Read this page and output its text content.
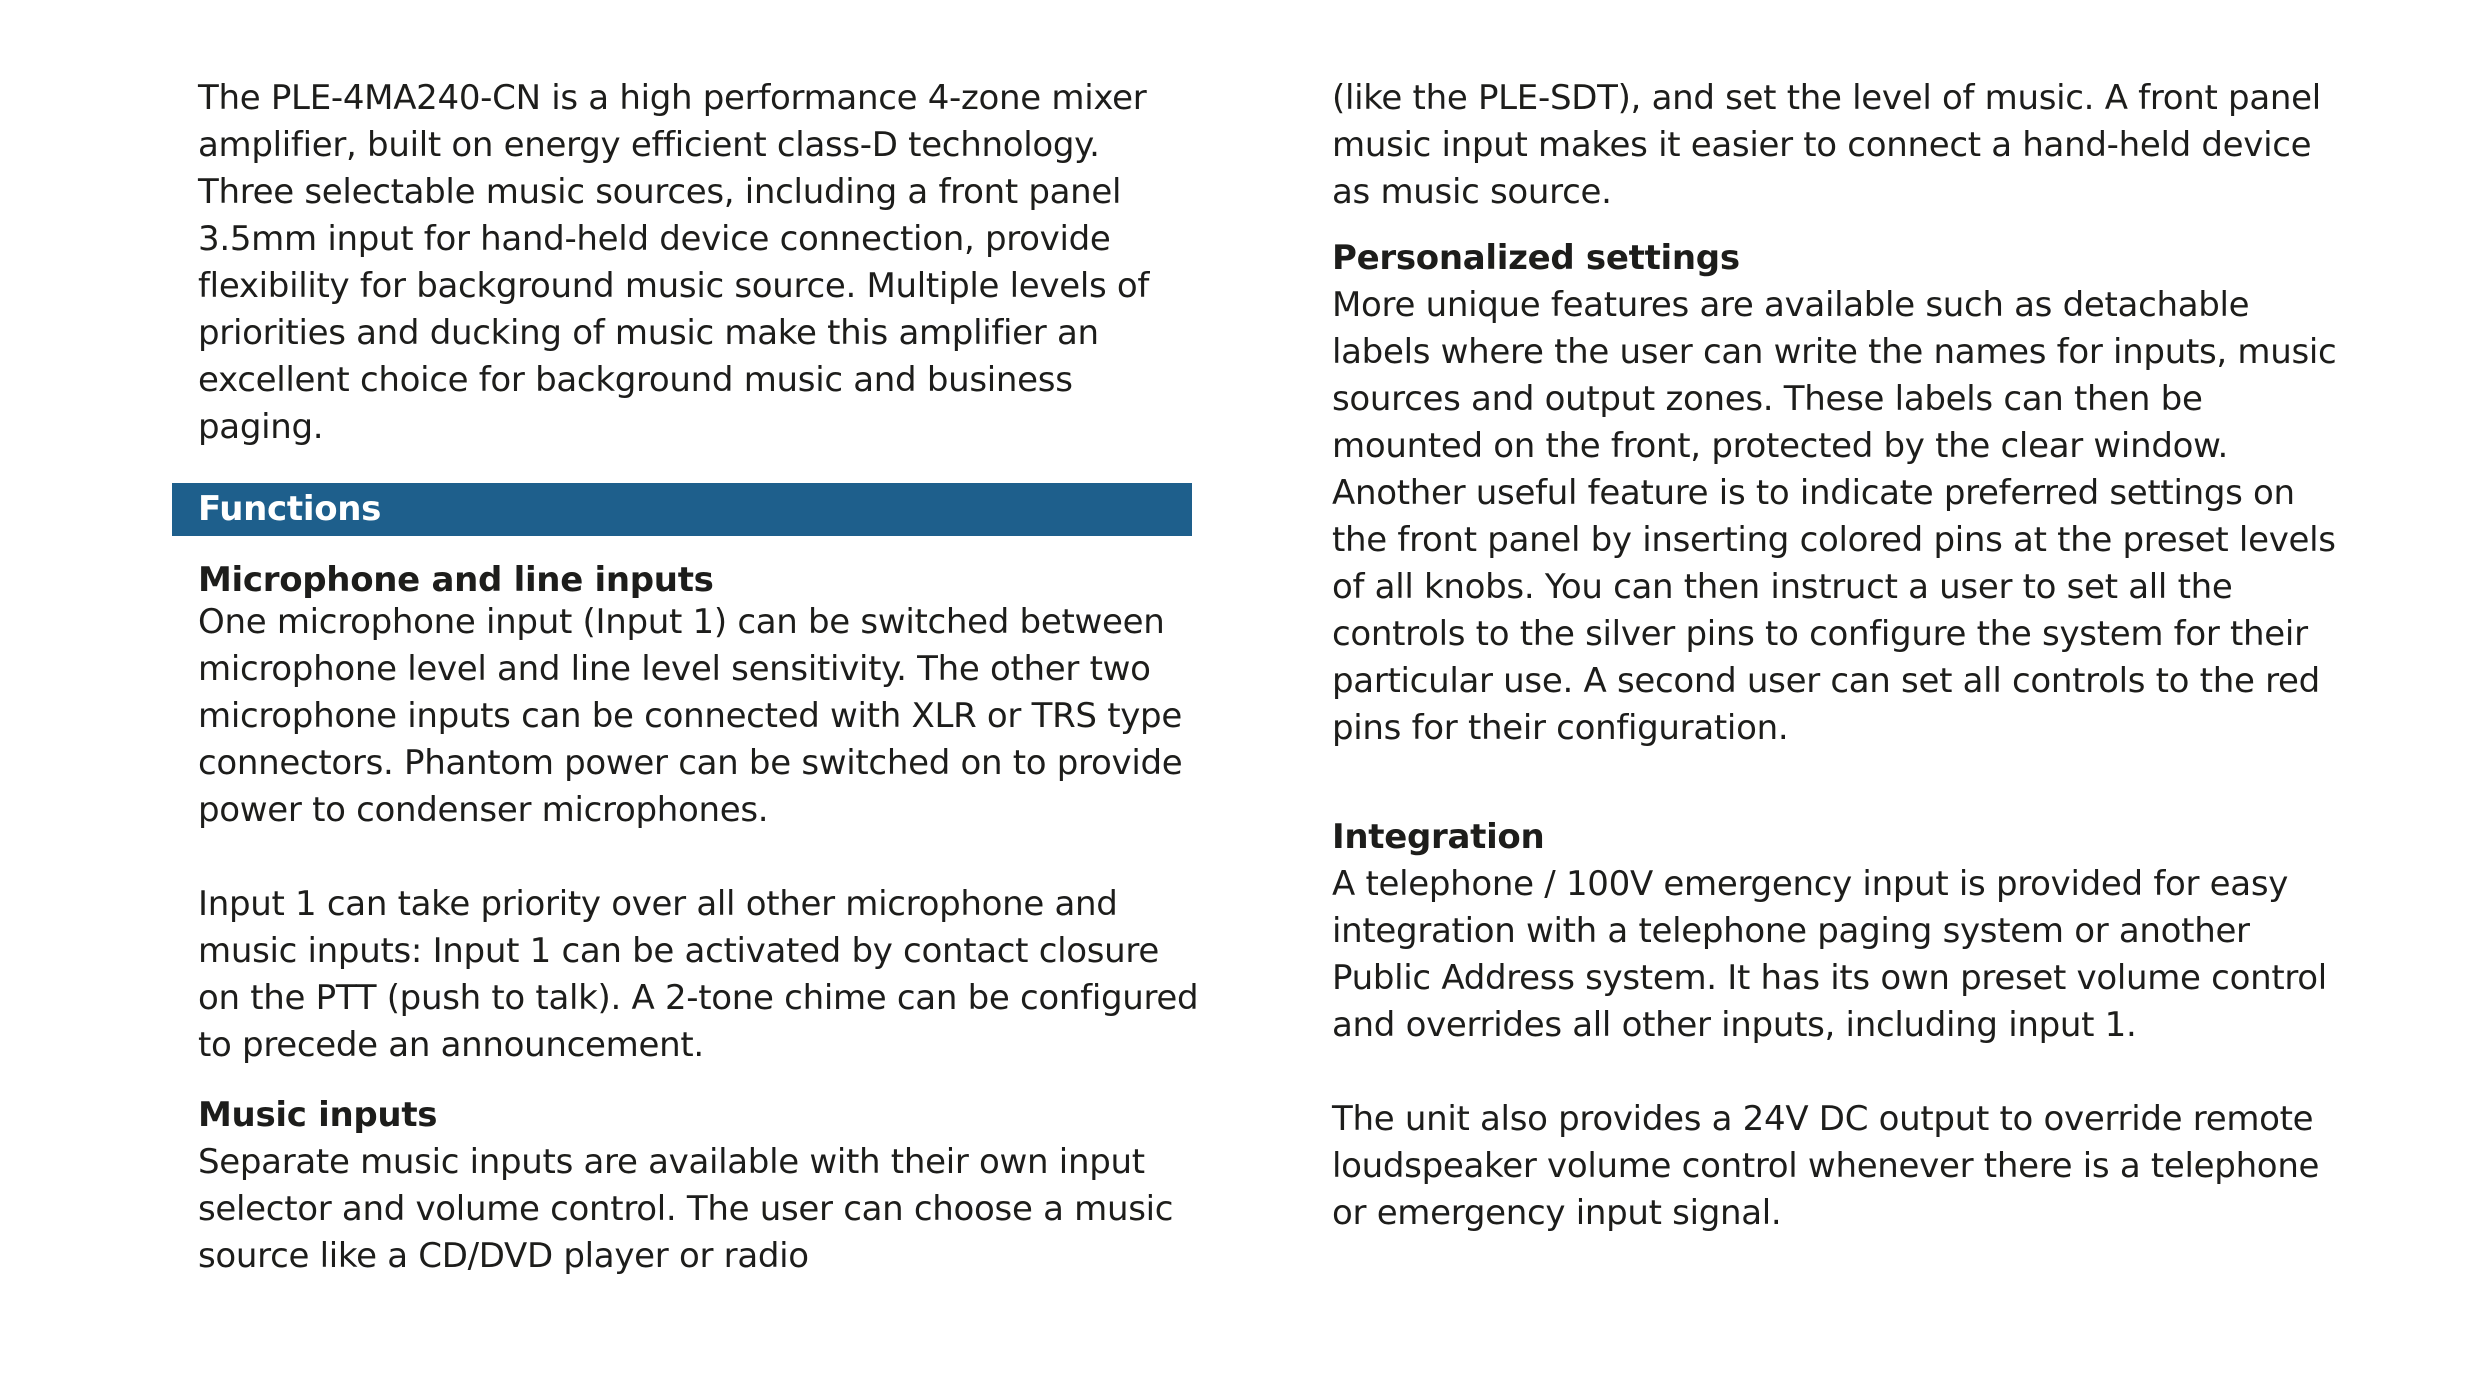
The PLE-4MA240-CN is a high performance 4-zone mixer amplifier, built on energy efficient class-D technology. Three selectable music sources, including a front panel 3.5mm input for hand-held device connection, provide flexibility for background music source. Multiple levels of priorities and ducking of music make this amplifier an excellent choice for background music and business paging.

Functions
Microphone and line inputs

One microphone input (Input 1) can be switched between microphone level and line level sensitivity. The other two microphone inputs can be connected with XLR or TRS type connectors. Phantom power can be switched on to provide power to condenser microphones.

Input 1 can take priority over all other microphone and music inputs: Input 1 can be activated by contact closure on the PTT (push to talk). A 2-tone chime can be configured to precede an announcement.

Music inputs

Separate music inputs are available with their own input selector and volume control. The user can choose a music source like a CD/DVD player or radio

(like the PLE-SDT), and set the level of music. A front panel music input makes it easier to connect a hand-held device as music source.

Personalized settings

More unique features are available such as detachable labels where the user can write the names for inputs, music sources and output zones. These labels can then be mounted on the front, protected by the clear window. Another useful feature is to indicate preferred settings on the front panel by inserting colored pins at the preset levels of all knobs. You can then instruct a user to set all the controls to the silver pins to configure the system for their particular use. A second user can set all controls to the red pins for their configuration.

Integration

A telephone / 100V emergency input is provided for easy integration with a telephone paging system or another Public Address system. It has its own preset volume control and overrides all other inputs, including input 1.

The unit also provides a 24V DC output to override remote loudspeaker volume control whenever there is a telephone or emergency input signal.
